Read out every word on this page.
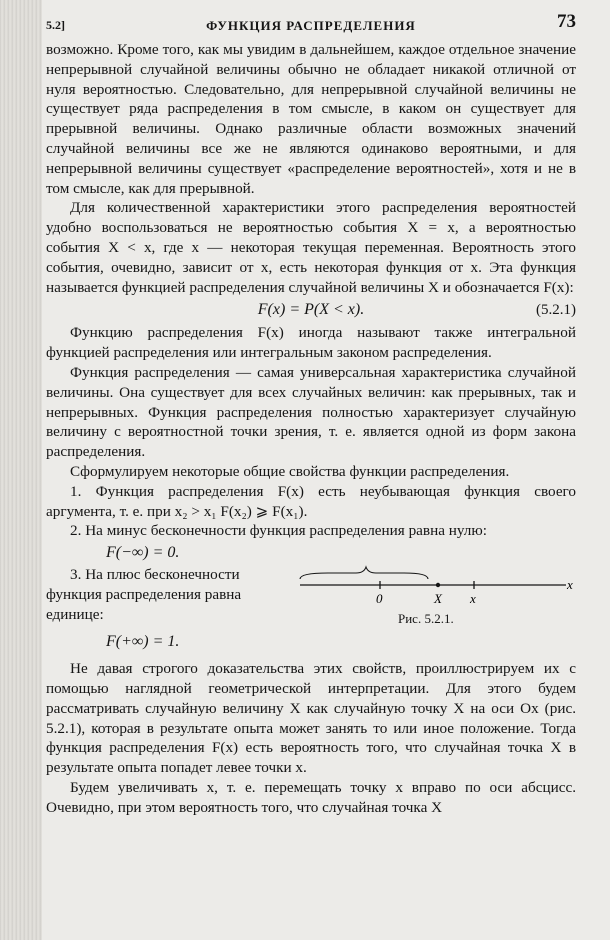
5.2]	ФУНКЦИЯ РАСПРЕДЕЛЕНИЯ	73

возможно. Кроме того, как мы увидим в дальнейшем, каждое отдельное значение непрерывной случайной величины обычно не обладает никакой отличной от нуля вероятностью. Следовательно, для непрерывной случайной величины не существует ряда распределения в том смысле, в каком он существует для прерывной величины. Однако различные области возможных значений случайной величины все же не являются одинаково вероятными, и для непрерывной величины существует «распределение вероятностей», хотя и не в том смысле, как для прерывной.

Для количественной характеристики этого распределения вероятностей удобно воспользоваться не вероятностью события X = x, а вероятностью события X < x, где x — некоторая текущая переменная. Вероятность этого события, очевидно, зависит от x, есть некоторая функция от x. Эта функция называется функцией распределения случайной величины X и обозначается F(x):

F(x) = P(X < x).	(5.2.1)

Функцию распределения F(x) иногда называют также интегральной функцией распределения или интегральным законом распределения.

Функция распределения — самая универсальная характеристика случайной величины. Она существует для всех случайных величин: как прерывных, так и непрерывных. Функция распределения полностью характеризует случайную величину с вероятностной точки зрения, т. е. является одной из форм закона распределения.

Сформулируем некоторые общие свойства функции распределения.

1. Функция распределения F(x) есть неубывающая функция своего аргумента, т. е. при x₂ > x₁ F(x₂) ⩾ F(x₁).

2. На минус бесконечности функция распределения равна нулю:

F(−∞) = 0.

3. На плюс бесконечности функция распределения равна единице:

0	X x
x
Рис. 5.2.1.
F(+∞) = 1.

Не давая строгого доказательства этих свойств, проиллюстрируем их с помощью наглядной геометрической интерпретации. Для этого будем рассматривать случайную величину X как случайную точку X на оси Ox (рис. 5.2.1), которая в результате опыта может занять то или иное положение. Тогда функция распределения F(x) есть вероятность того, что случайная точка X в результате опыта попадет левее точки x.

Будем увеличивать x, т. е. перемещать точку x вправо по оси абсцисс. Очевидно, при этом вероятность того, что случайная точка X
